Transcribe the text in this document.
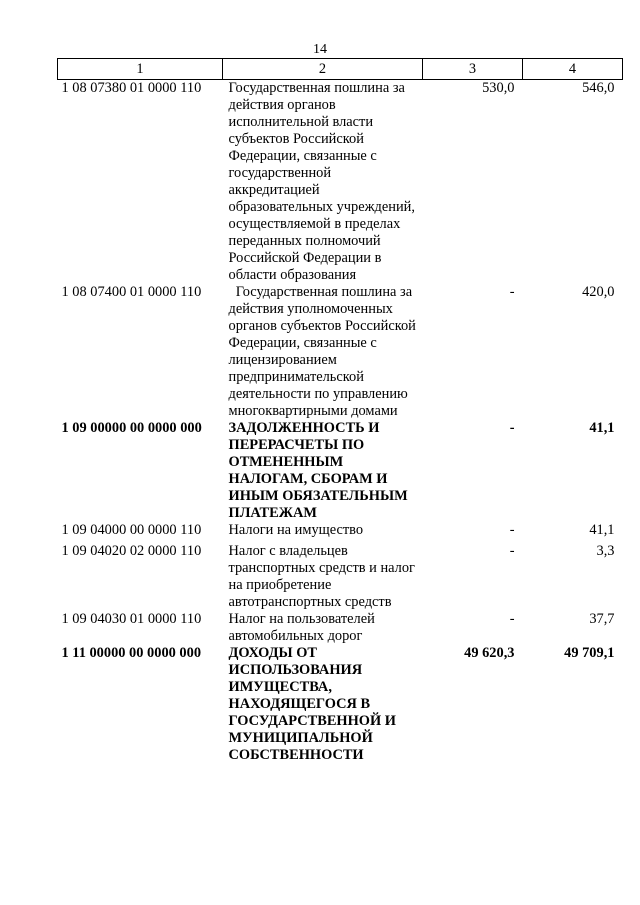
14
1	2	3	4
1 08 07380 01 0000 110	Государственная пошлина за действия органов исполнительной власти субъектов Российской Федерации, связанные с государственной аккредитацией образовательных учреждений, осуществляемой в пределах переданных полномочий Российской Федерации в области образования	530,0	546,0
1 08 07400 01 0000 110	Государственная пошлина за действия уполномоченных органов субъектов Российской Федерации, связанные с лицензированием предпринимательской деятельности по управлению многоквартирными домами	-	420,0
1 09 00000 00 0000 000	ЗАДОЛЖЕННОСТЬ И ПЕРЕРАСЧЕТЫ ПО ОТМЕНЕННЫМ НАЛОГАМ, СБОРАМ И ИНЫМ ОБЯЗАТЕЛЬНЫМ ПЛАТЕЖАМ	-	41,1
1 09 04000 00 0000 110	Налоги на имущество	-	41,1
1 09 04020 02 0000 110	Налог с владельцев транспортных средств и налог на приобретение автотранспортных средств	-	3,3
1 09 04030 01 0000 110	Налог на пользователей автомобильных дорог	-	37,7
1 11 00000 00 0000 000	ДОХОДЫ ОТ ИСПОЛЬЗОВАНИЯ ИМУЩЕСТВА, НАХОДЯЩЕГОСЯ В ГОСУДАРСТВЕННОЙ И МУНИЦИПАЛЬНОЙ СОБСТВЕННОСТИ	49 620,3	49 709,1
